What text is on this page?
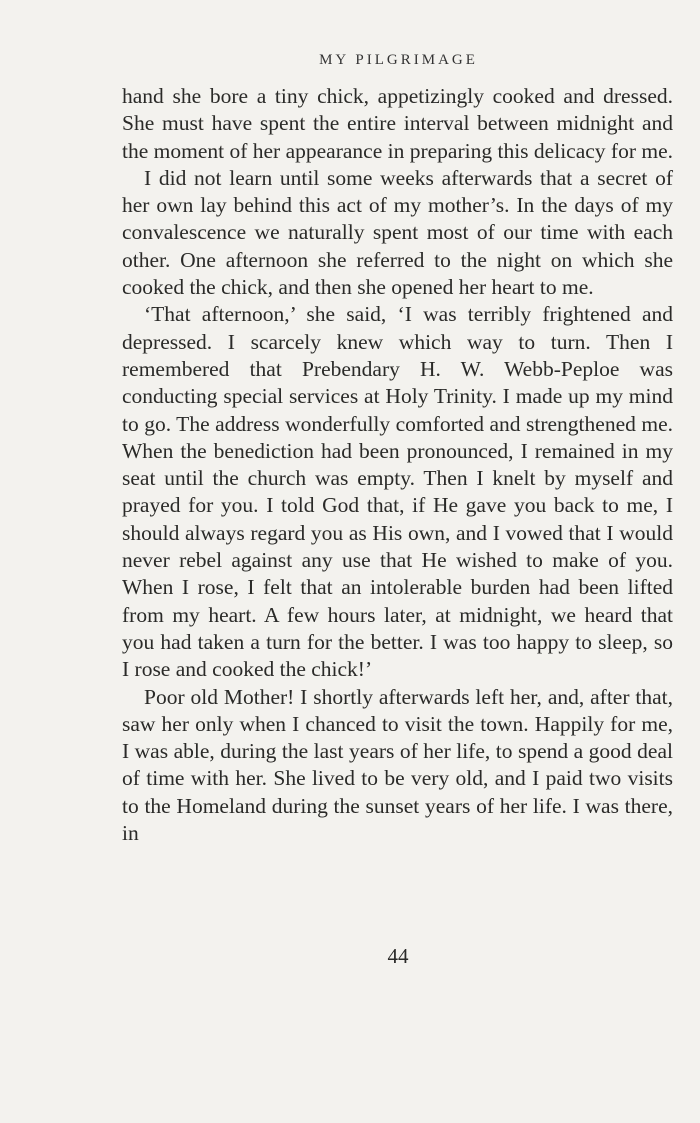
MY PILGRIMAGE

hand she bore a tiny chick, appetizingly cooked and dressed. She must have spent the entire interval between midnight and the moment of her appearance in preparing this delicacy for me.

I did not learn until some weeks afterwards that a secret of her own lay behind this act of my mother’s. In the days of my convalescence we naturally spent most of our time with each other. One afternoon she referred to the night on which she cooked the chick, and then she opened her heart to me.

‘That afternoon,’ she said, ‘I was terribly frightened and depressed. I scarcely knew which way to turn. Then I remembered that Prebendary H. W. Webb-Peploe was conducting special services at Holy Trinity. I made up my mind to go. The address wonderfully comforted and strengthened me. When the benediction had been pronounced, I remained in my seat until the church was empty. Then I knelt by myself and prayed for you. I told God that, if He gave you back to me, I should always regard you as His own, and I vowed that I would never rebel against any use that He wished to make of you. When I rose, I felt that an intolerable burden had been lifted from my heart. A few hours later, at midnight, we heard that you had taken a turn for the better. I was too happy to sleep, so I rose and cooked the chick!’

Poor old Mother! I shortly afterwards left her, and, after that, saw her only when I chanced to visit the town. Happily for me, I was able, during the last years of her life, to spend a good deal of time with her. She lived to be very old, and I paid two visits to the Homeland during the sunset years of her life. I was there, in

44
